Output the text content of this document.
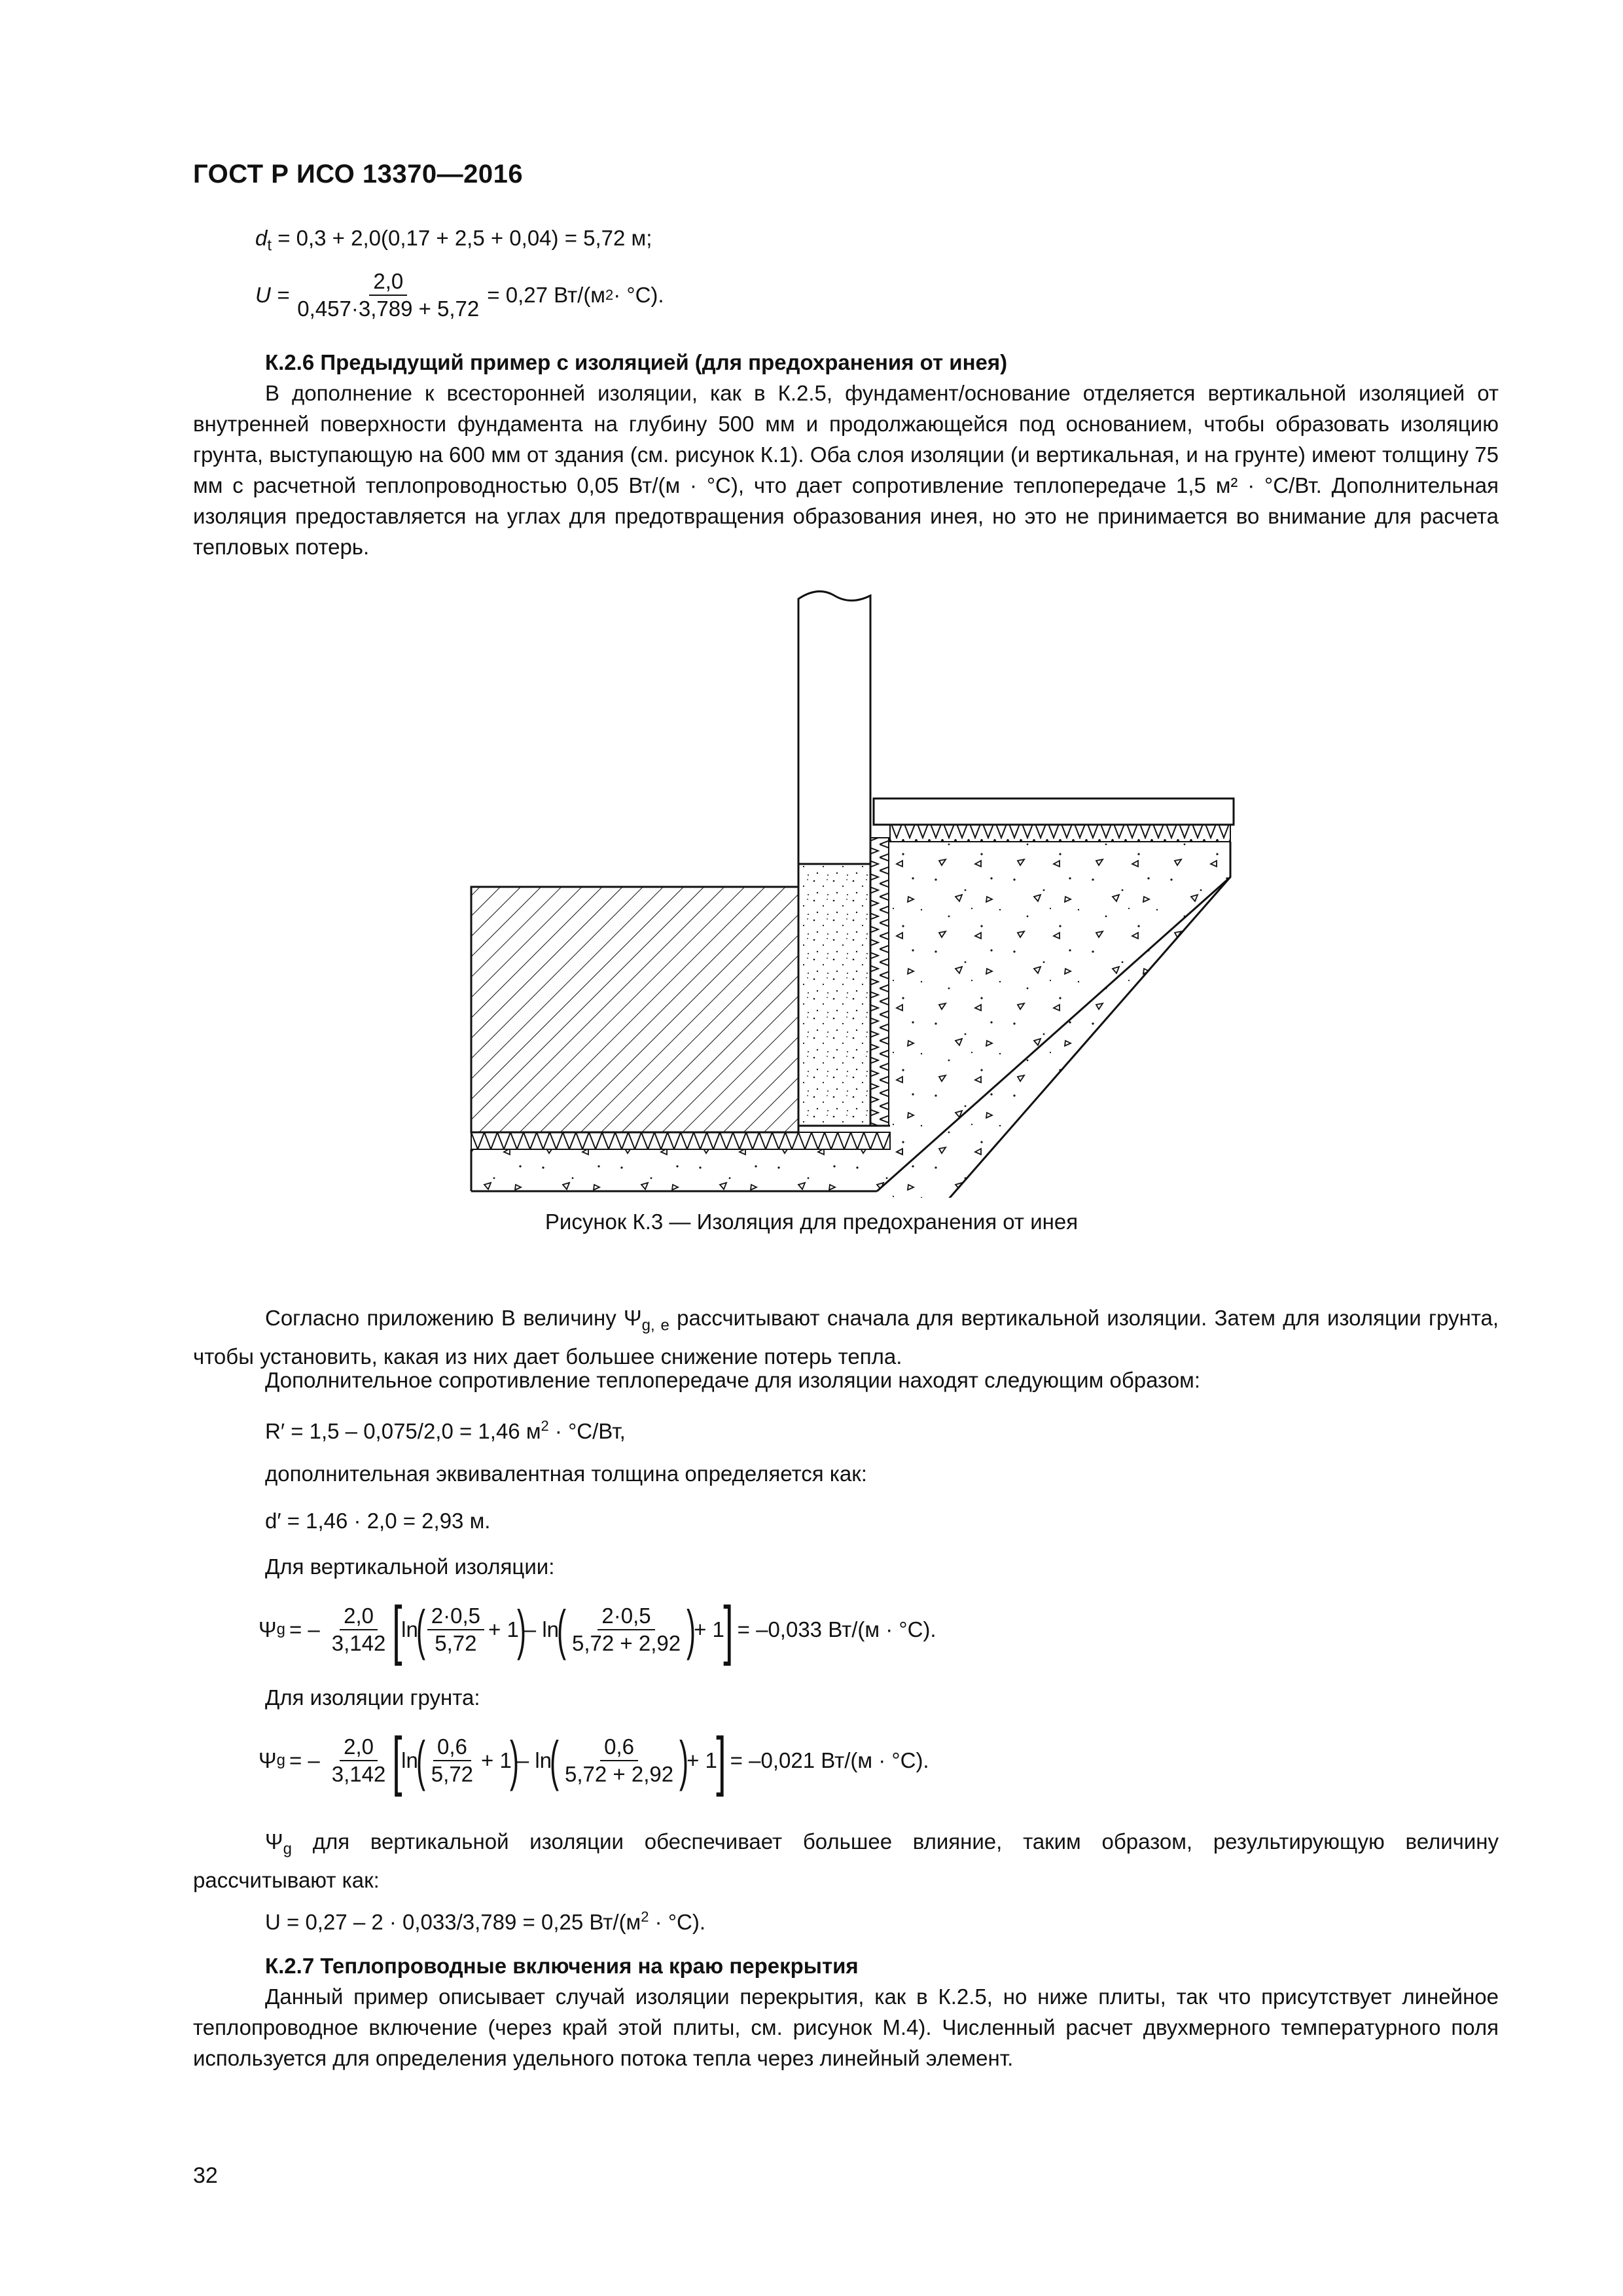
ГОСТ Р ИСО 13370—2016
$d_t = 0,3 + 2,0(0,17 + 2,5 + 0,04) = 5,72$ м;
$U = \frac{2,0}{0,457\cdot 3,789 + 5,72} = 0,27$ Вт/(м 2 · °С).
К.2.6 Предыдущий пример с изоляцией (для предохранения от инея)
В дополнение к всесторонней изоляции, как в К.2.5, фундамент/основание отделяется вертикальной изоляцией от внутренней поверхности фундамента на глубину 500 мм и продолжающейся под основанием, чтобы образовать изоляцию грунта, выступающую на 600 мм от здания (см. рисунок К.1). Оба слоя изоляции (и вертикальная, и на грунте) имеют толщину 75 мм с расчетной теплопроводностью 0,05 Вт/(м · °С), что дает сопротивление теплопередаче 1,5 м² · °С/Вт. Дополнительная изоляция предоставляется на углах для предотвращения образования инея, но это не принимается во внимание для расчета тепловых потерь.
Рисунок К.3 — Изоляция для предохранения от инея
Согласно приложению В величину $\Psi_{g, e}$ рассчитывают сначала для вертикальной изоляции. Затем для изоляции грунта, чтобы установить, какая из них дает большее снижение потерь тепла.
Дополнительное сопротивление теплопередаче для изоляции находят следующим образом:
R′ = 1,5 – 0,075/2,0 = 1,46 $м^2 \cdot ^\circ С/Вт$,
дополнительная эквивалентная толщина определяется как:
d′ = 1,46 · 2,0 = 2,93 м.
Для вертикальной изоляции:
Ψ g = – $\frac{2,0}{3,142}$ [
ln
( $\frac{2\cdot 0,5}{5,72} + 1$
)
– ln
( $\frac{2\cdot 0,5}{5,72 + 2,92}$ )
+ 1
] = –0,033 Вт/(м · °С).
Для изоляции грунта:
Ψ g = – $\frac{2,0}{3,142}$ [
ln
( $\frac{0,6}{5,72} + 1$
)
– ln
( $\frac{0,6}{5,72 + 2,92}$ )
+ 1
] = –0,021 Вт/(м · °С).
$\Psi_g$ для вертикальной изоляции обеспечивает большее влияние, таким образом, результирующую величину рассчитывают как:
U = 0,27 – 2 · 0,033/3,789 = 0,25 $Вт/(м^2 \cdot ^\circ С)$.
К.2.7 Теплопроводные включения на краю перекрытия
Данный пример описывает случай изоляции перекрытия, как в К.2.5, но ниже плиты, так что присутствует линейное теплопроводное включение (через край этой плиты, см. рисунок М.4). Численный расчет двухмерного температурного поля используется для определения удельного потока тепла через линейный элемент.
32
